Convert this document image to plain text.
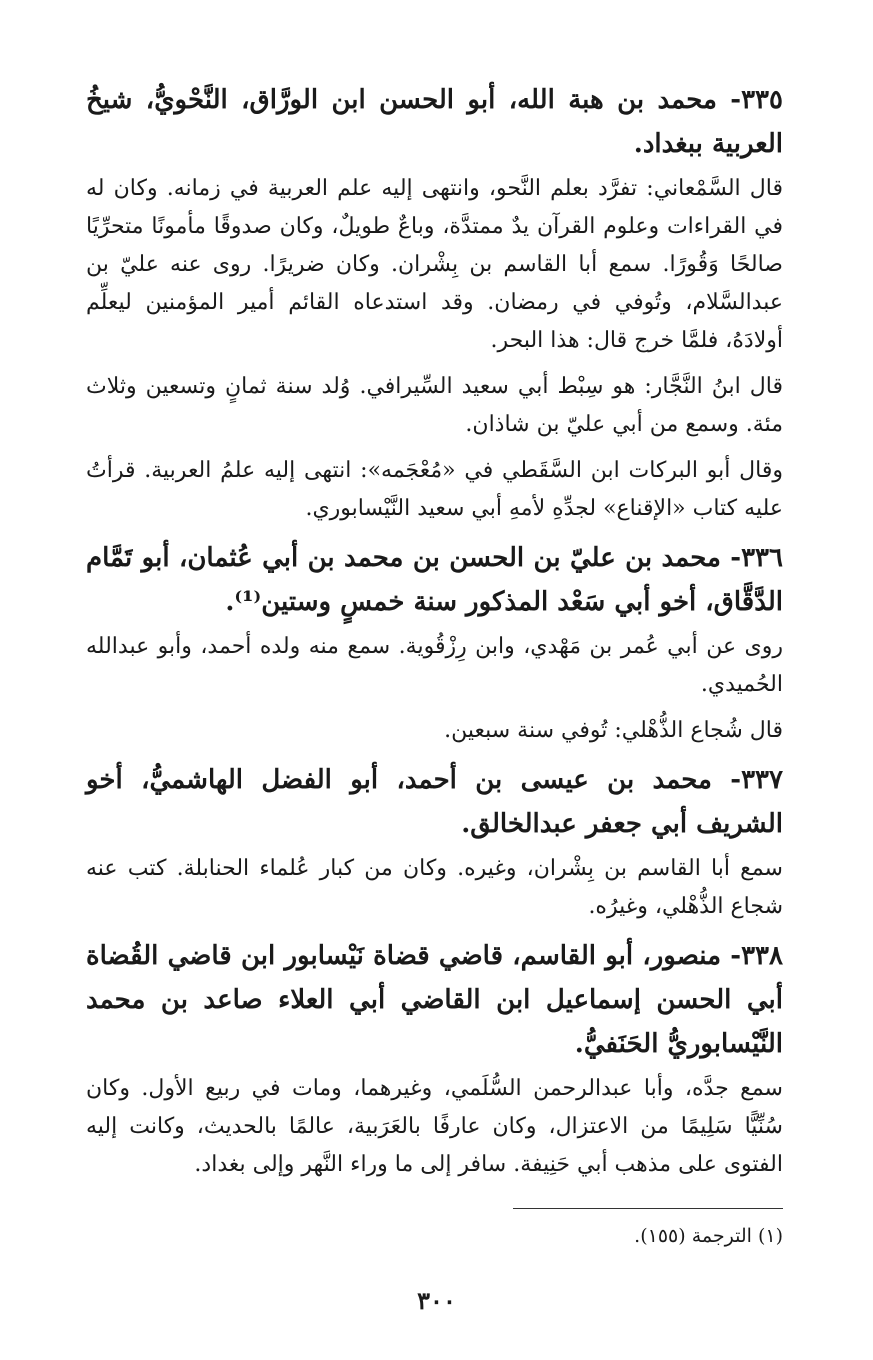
٣٣٥- محمد بن هبة الله، أبو الحسن ابن الورَّاق، النَّحْويُّ، شيخُ العربية ببغداد.

قال السَّمْعاني: تفرَّد بعلم النَّحو، وانتهى إليه علم العربية في زمانه. وكان له في القراءات وعلوم القرآن يدٌ ممتدَّة، وباعٌ طويلٌ، وكان صدوقًا مأمونًا متحرِّيًا صالحًا وَقُورًا. سمع أبا القاسم بن بِشْران. وكان ضريرًا. روى عنه عليّ بن عبدالسَّلام، وتُوفي في رمضان. وقد استدعاه القائم أمير المؤمنين ليعلِّم أولادَهُ، فلمَّا خرج قال: هذا البحر.

قال ابنُ النَّجَّار: هو سِبْط أبي سعيد السِّيرافي. وُلد سنة ثمانٍ وتسعين وثلاث مئة. وسمع من أبي عليّ بن شاذان.

وقال أبو البركات ابن السَّقَطي في «مُعْجَمه»: انتهى إليه علمُ العربية. قرأتُ عليه كتاب «الإقناع» لجدِّهِ لأمهِ أبي سعيد النَّيْسابوري.

٣٣٦- محمد بن عليّ بن الحسن بن محمد بن أبي عُثمان، أبو تَمَّام الدَّقَّاق، أخو أبي سَعْد المذكور سنة خمسٍ وستين⁽¹⁾.

روى عن أبي عُمر بن مَهْدي، وابن رِزْقُوية. سمع منه ولده أحمد، وأبو عبدالله الحُميدي.

قال شُجاع الذُّهْلي: تُوفي سنة سبعين.

٣٣٧- محمد بن عيسى بن أحمد، أبو الفضل الهاشميُّ، أخو الشريف أبي جعفر عبدالخالق.

سمع أبا القاسم بن بِشْران، وغيره. وكان من كبار عُلماء الحنابلة. كتب عنه شجاع الذُّهْلي، وغيرُه.

٣٣٨- منصور، أبو القاسم، قاضي قضاة نَيْسابور ابن قاضي القُضاة أبي الحسن إسماعيل ابن القاضي أبي العلاء صاعد بن محمد النَّيْسابوريُّ الحَنَفيُّ.

سمع جدَّه، وأبا عبدالرحمن السُّلَمي، وغيرهما، ومات في ربيع الأول. وكان سُنِّيًّا سَلِيمًا من الاعتزال، وكان عارفًا بالعَرَبية، عالمًا بالحديث، وكانت إليه الفتوى على مذهب أبي حَنِيفة. سافر إلى ما وراء النَّهر وإلى بغداد.

(١) الترجمة (١٥٥).
٣٠٠
